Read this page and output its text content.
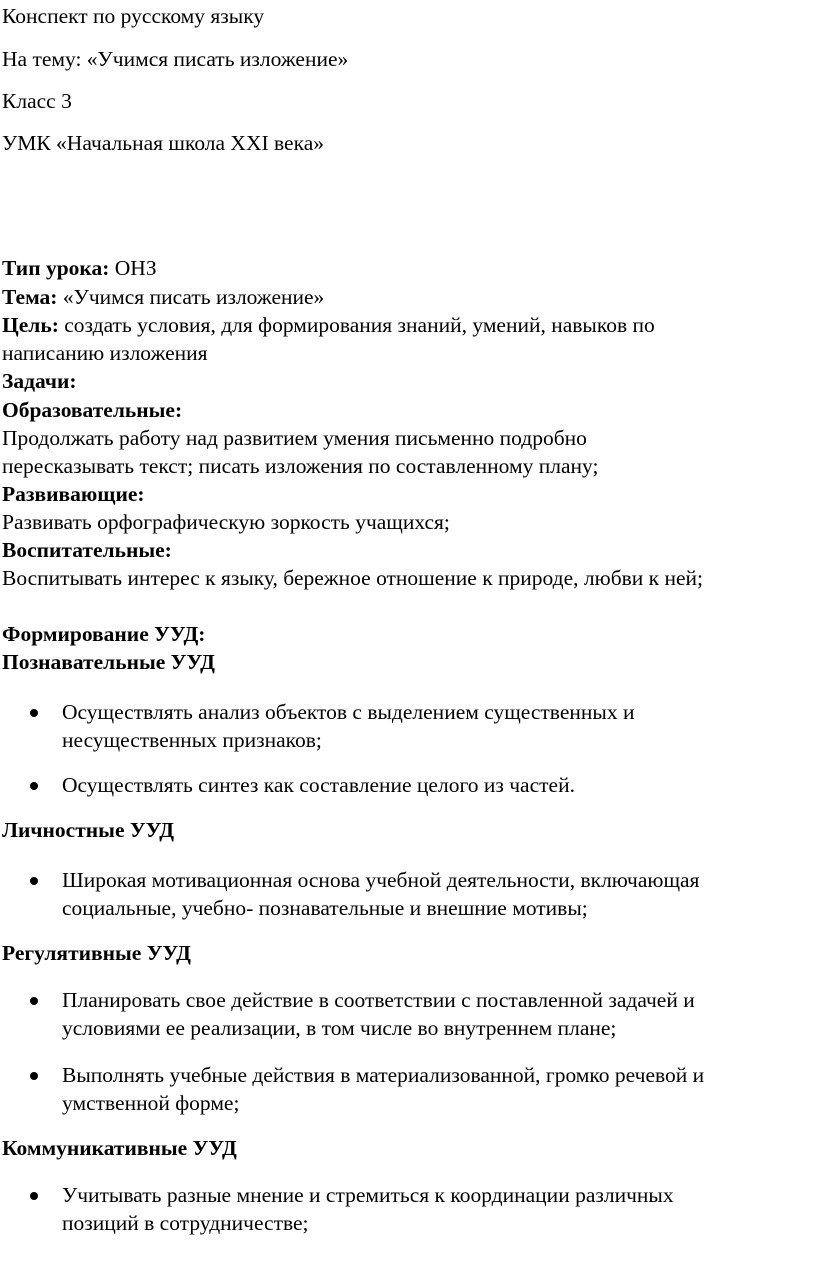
Конспект по русскому языку

На тему: «Учимся писать изложение»

Класс 3

УМК «Начальная школа XXI века»

Тип урока: ОНЗ

Тема: «Учимся писать изложение»

Цель: создать условия, для формирования знаний, умений, навыков по

написанию изложения

Задачи:

Образовательные:

Продолжать работу над развитием умения письменно подробно

пересказывать текст; писать изложения по составленному плану;

Развивающие:

Развивать орфографическую зоркость учащихся;

Воспитательные:

Воспитывать интерес к языку, бережное отношение к природе, любви к ней;

Формирование УУД:

Познавательные УУД

Осуществлять анализ объектов с выделением существенных и
несущественных признаков;
Осуществлять синтез как составление целого из частей.

Личностные УУД

Широкая мотивационная основа учебной деятельности, включающая
социальные, учебно- познавательные и внешние мотивы;

Регулятивные УУД

Планировать свое действие в соответствии с поставленной задачей и
условиями ее реализации, в том числе во внутреннем плане;
Выполнять учебные действия в материализованной, громко речевой и
умственной форме;

Коммуникативные УУД

Учитывать разные мнение и стремиться к координации различных
позиций в сотрудничестве;
